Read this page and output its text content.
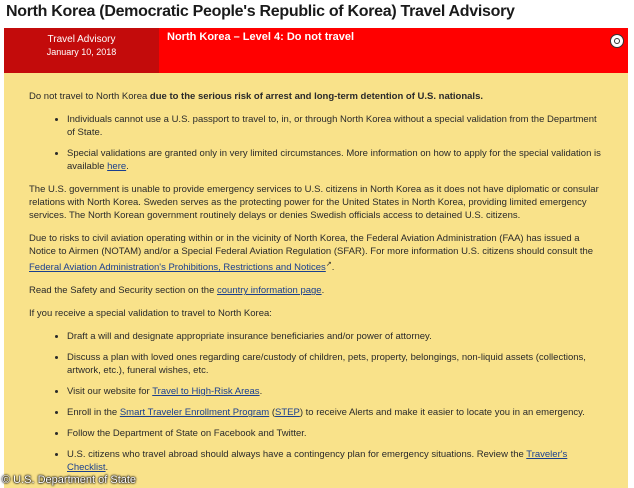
North Korea (Democratic People's Republic of Korea) Travel Advisory
Travel Advisory
January 10, 2018
North Korea – Level 4: Do not travel

Do not travel to North Korea due to the serious risk of arrest and long-term detention of U.S. nationals.

• Individuals cannot use a U.S. passport to travel to, in, or through North Korea without a special validation from the Department of State.
• Special validations are granted only in very limited circumstances. More information on how to apply for the special validation is available here.

The U.S. government is unable to provide emergency services to U.S. citizens in North Korea as it does not have diplomatic or consular relations with North Korea. Sweden serves as the protecting power for the United States in North Korea, providing limited emergency services. The North Korean government routinely delays or denies Swedish officials access to detained U.S. citizens.

Due to risks to civil aviation operating within or in the vicinity of North Korea, the Federal Aviation Administration (FAA) has issued a Notice to Airmen (NOTAM) and/or a Special Federal Aviation Regulation (SFAR). For more information U.S. citizens should consult the Federal Aviation Administration's Prohibitions, Restrictions and Notices↗.

Read the Safety and Security section on the country information page.

If you receive a special validation to travel to North Korea:

• Draft a will and designate appropriate insurance beneficiaries and/or power of attorney.
• Discuss a plan with loved ones regarding care/custody of children, pets, property, belongings, non-liquid assets (collections, artwork, etc.), funeral wishes, etc.
• Visit our website for Travel to High-Risk Areas.
• Enroll in the Smart Traveler Enrollment Program (STEP) to receive Alerts and make it easier to locate you in an emergency.
• Follow the Department of State on Facebook and Twitter.
• U.S. citizens who travel abroad should always have a contingency plan for emergency situations. Review the Traveler's Checklist.
© U.S. Department of State
